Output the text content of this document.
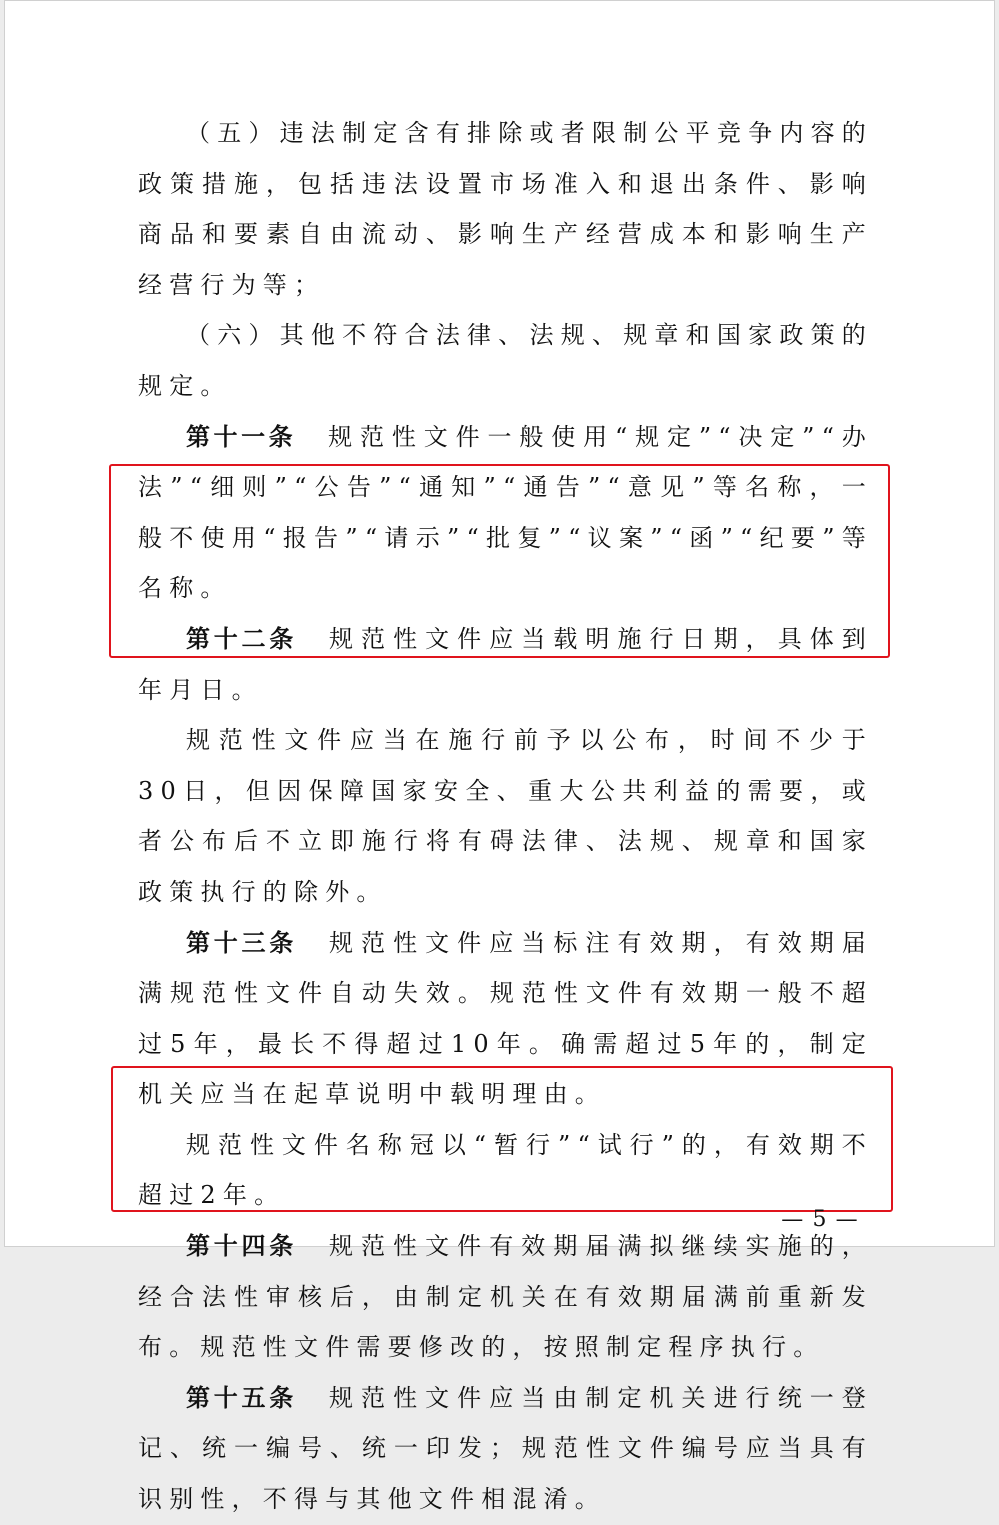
（五）违法制定含有排除或者限制公平竞争内容的政策措施，包括违法设置市场准入和退出条件、影响商品和要素自由流动、影响生产经营成本和影响生产经营行为等；

（六）其他不符合法律、法规、规章和国家政策的规定。

第十一条　 规范性文件一般使用“规定”“决定”“办法”“细则”“公告”“通知”“通告”“意见”等名称，一般不使用“报告”“请示”“批复”“议案”“函”“纪要”等名称。

第十二条　 规范性文件应当载明施行日期，具体到年月日。

规范性文件应当在施行前予以公布，时间不少于30日，但因保障国家安全、重大公共利益的需要，或者公布后不立即施行将有碍法律、法规、规章和国家政策执行的除外。

第十三条　 规范性文件应当标注有效期，有效期届满规范性文件自动失效。规范性文件有效期一般不超过5年，最长不得超过10年。确需超过5年的，制定机关应当在起草说明中载明理由。

规范性文件名称冠以“暂行”“试行”的，有效期不超过2年。

第十四条　 规范性文件有效期届满拟继续实施的，经合法性审核后，由制定机关在有效期届满前重新发布。规范性文件需要修改的，按照制定程序执行。

第十五条　 规范性文件应当由制定机关进行统一登记、统一编号、统一印发；规范性文件编号应当具有识别性，不得与其他文件相混淆。

— 5 —
